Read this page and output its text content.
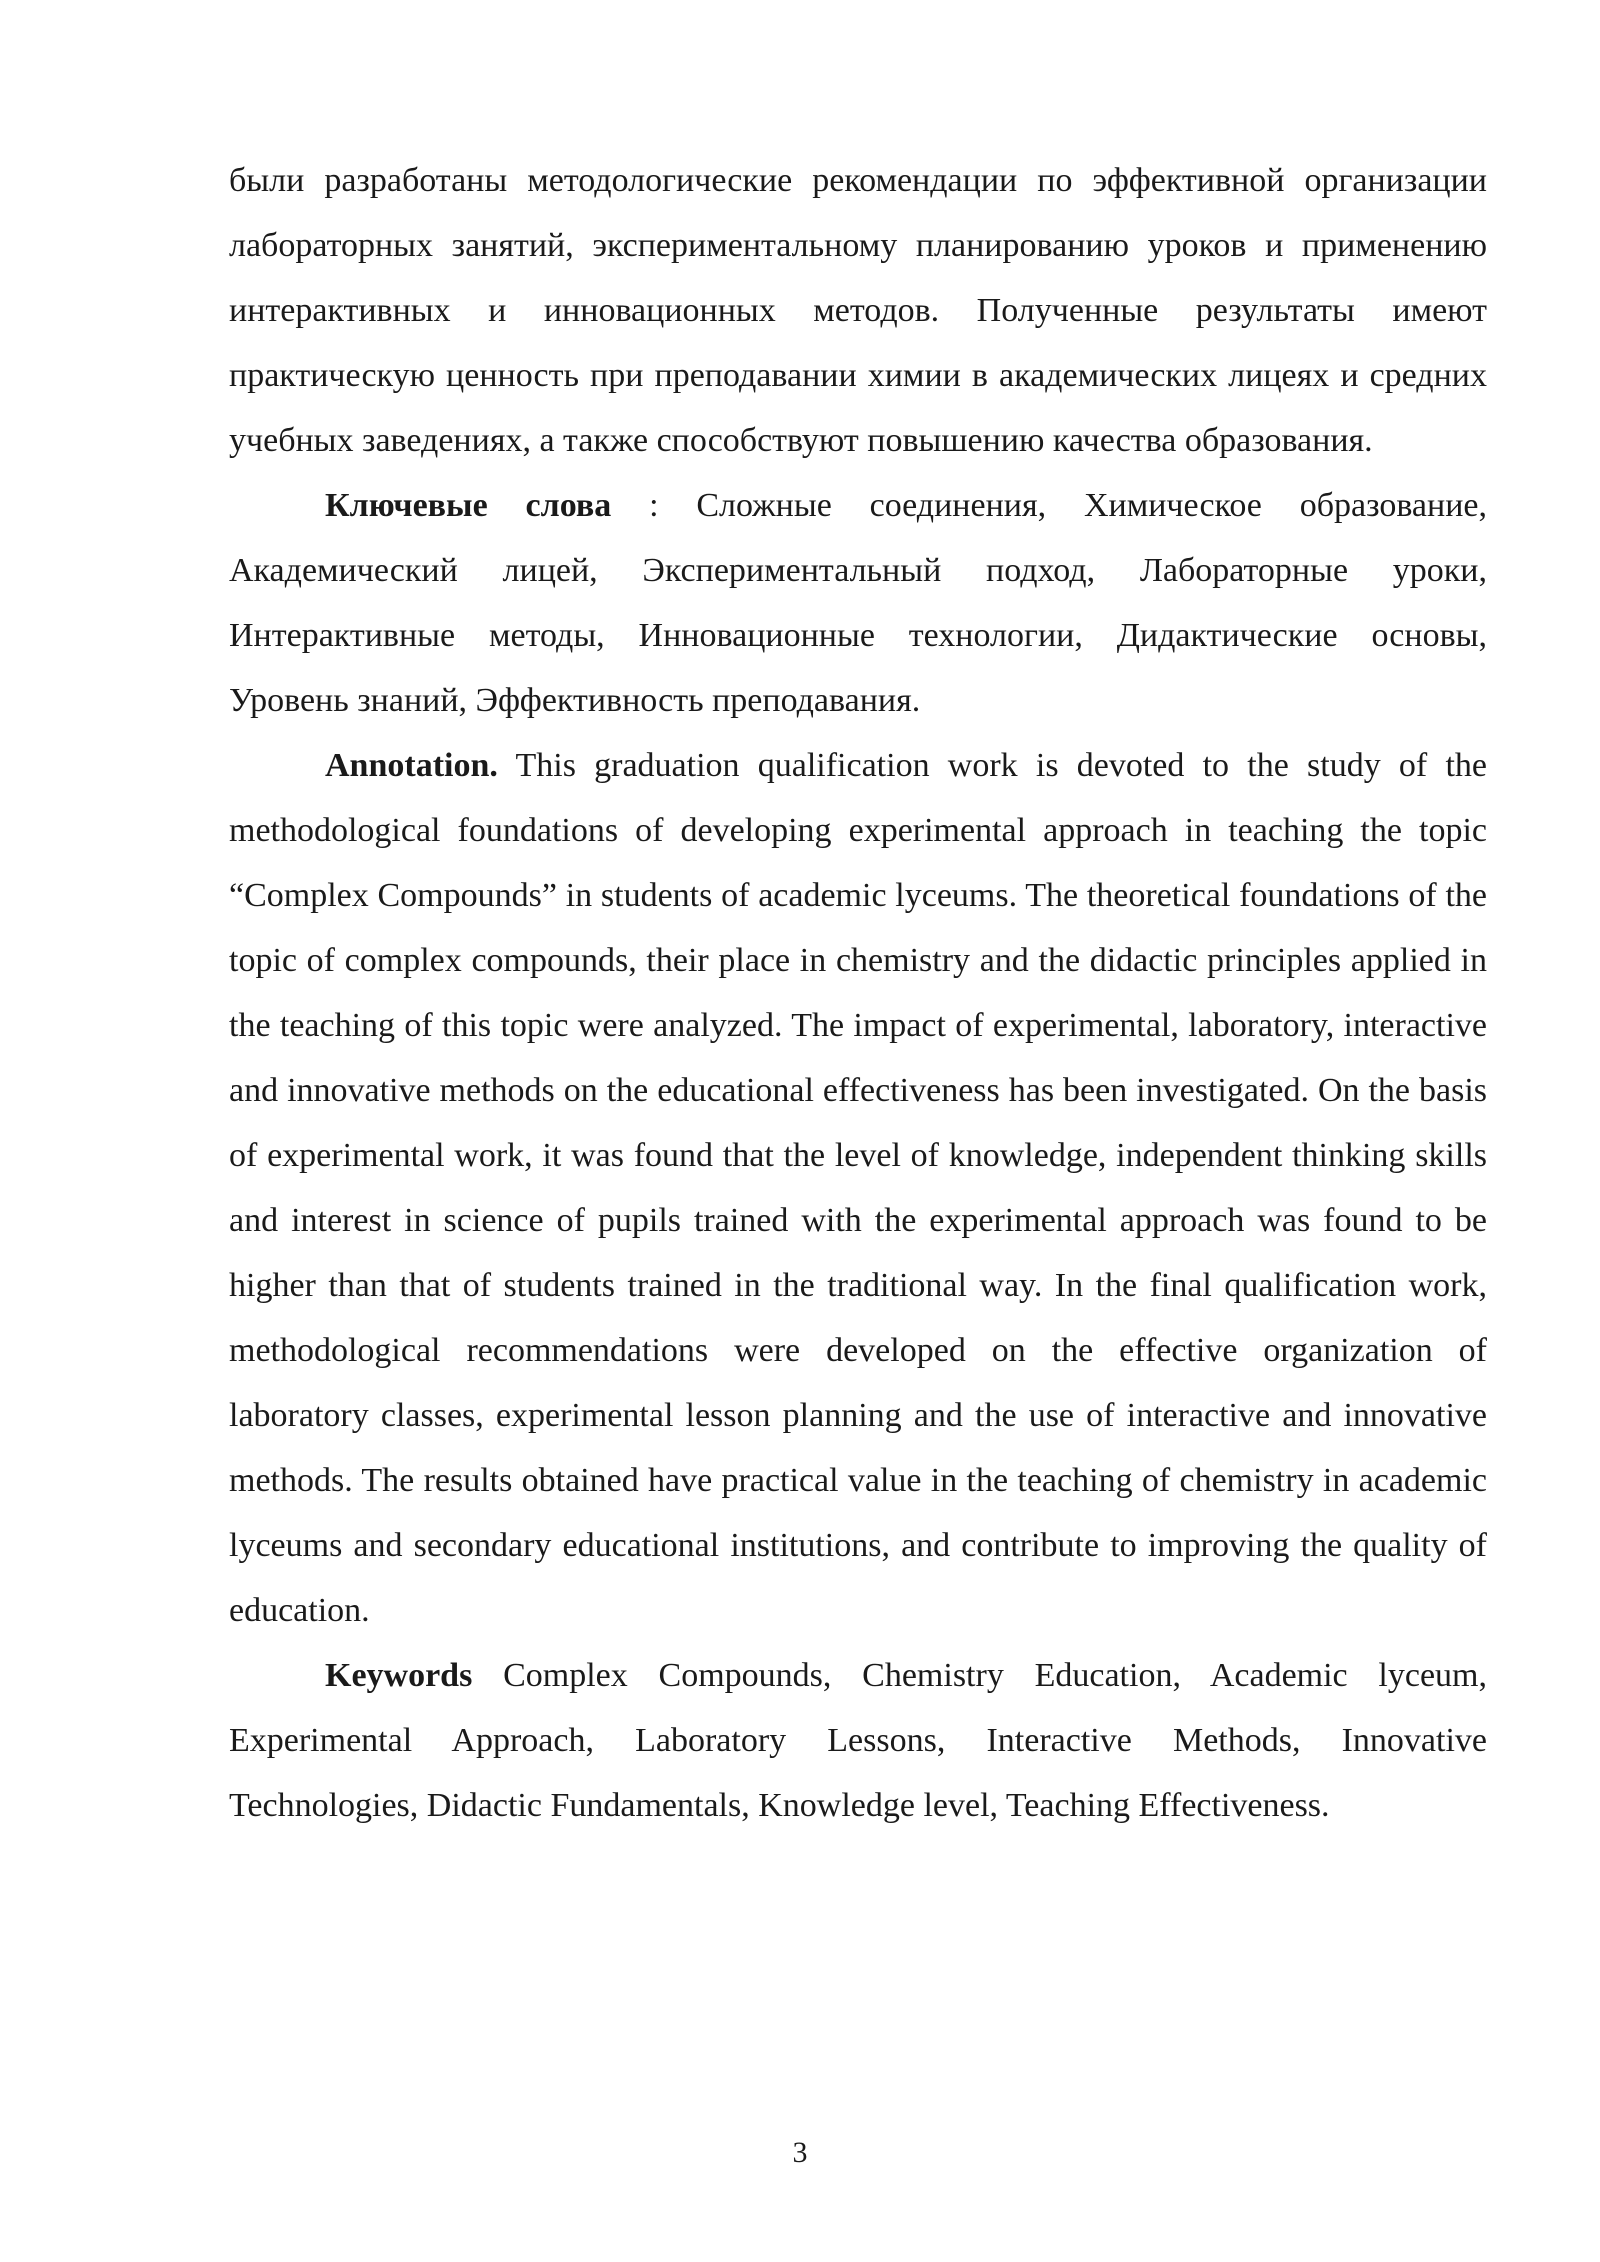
были разработаны методологические рекомендации по эффективной организации лабораторных занятий, экспериментальному планированию уроков и применению интерактивных и инновационных методов. Полученные результаты имеют практическую ценность при преподавании химии в академических лицеях и средних учебных заведениях, а также способствуют повышению качества образования.

Ключевые слова : Сложные соединения, Химическое образование, Академический лицей, Экспериментальный подход, Лабораторные уроки, Интерактивные методы, Инновационные технологии, Дидактические основы, Уровень знаний, Эффективность преподавания.

Annotation. This graduation qualification work is devoted to the study of the methodological foundations of developing experimental approach in teaching the topic “Complex Compounds” in students of academic lyceums. The theoretical foundations of the topic of complex compounds, their place in chemistry and the didactic principles applied in the teaching of this topic were analyzed. The impact of experimental, laboratory, interactive and innovative methods on the educational effectiveness has been investigated. On the basis of experimental work, it was found that the level of knowledge, independent thinking skills and interest in science of pupils trained with the experimental approach was found to be higher than that of students trained in the traditional way. In the final qualification work, methodological recommendations were developed on the effective organization of laboratory classes, experimental lesson planning and the use of interactive and innovative methods. The results obtained have practical value in the teaching of chemistry in academic lyceums and secondary educational institutions, and contribute to improving the quality of education.

Keywords Complex Compounds, Chemistry Education, Academic lyceum, Experimental Approach, Laboratory Lessons, Interactive Methods, Innovative Technologies, Didactic Fundamentals, Knowledge level, Teaching Effectiveness.

3
